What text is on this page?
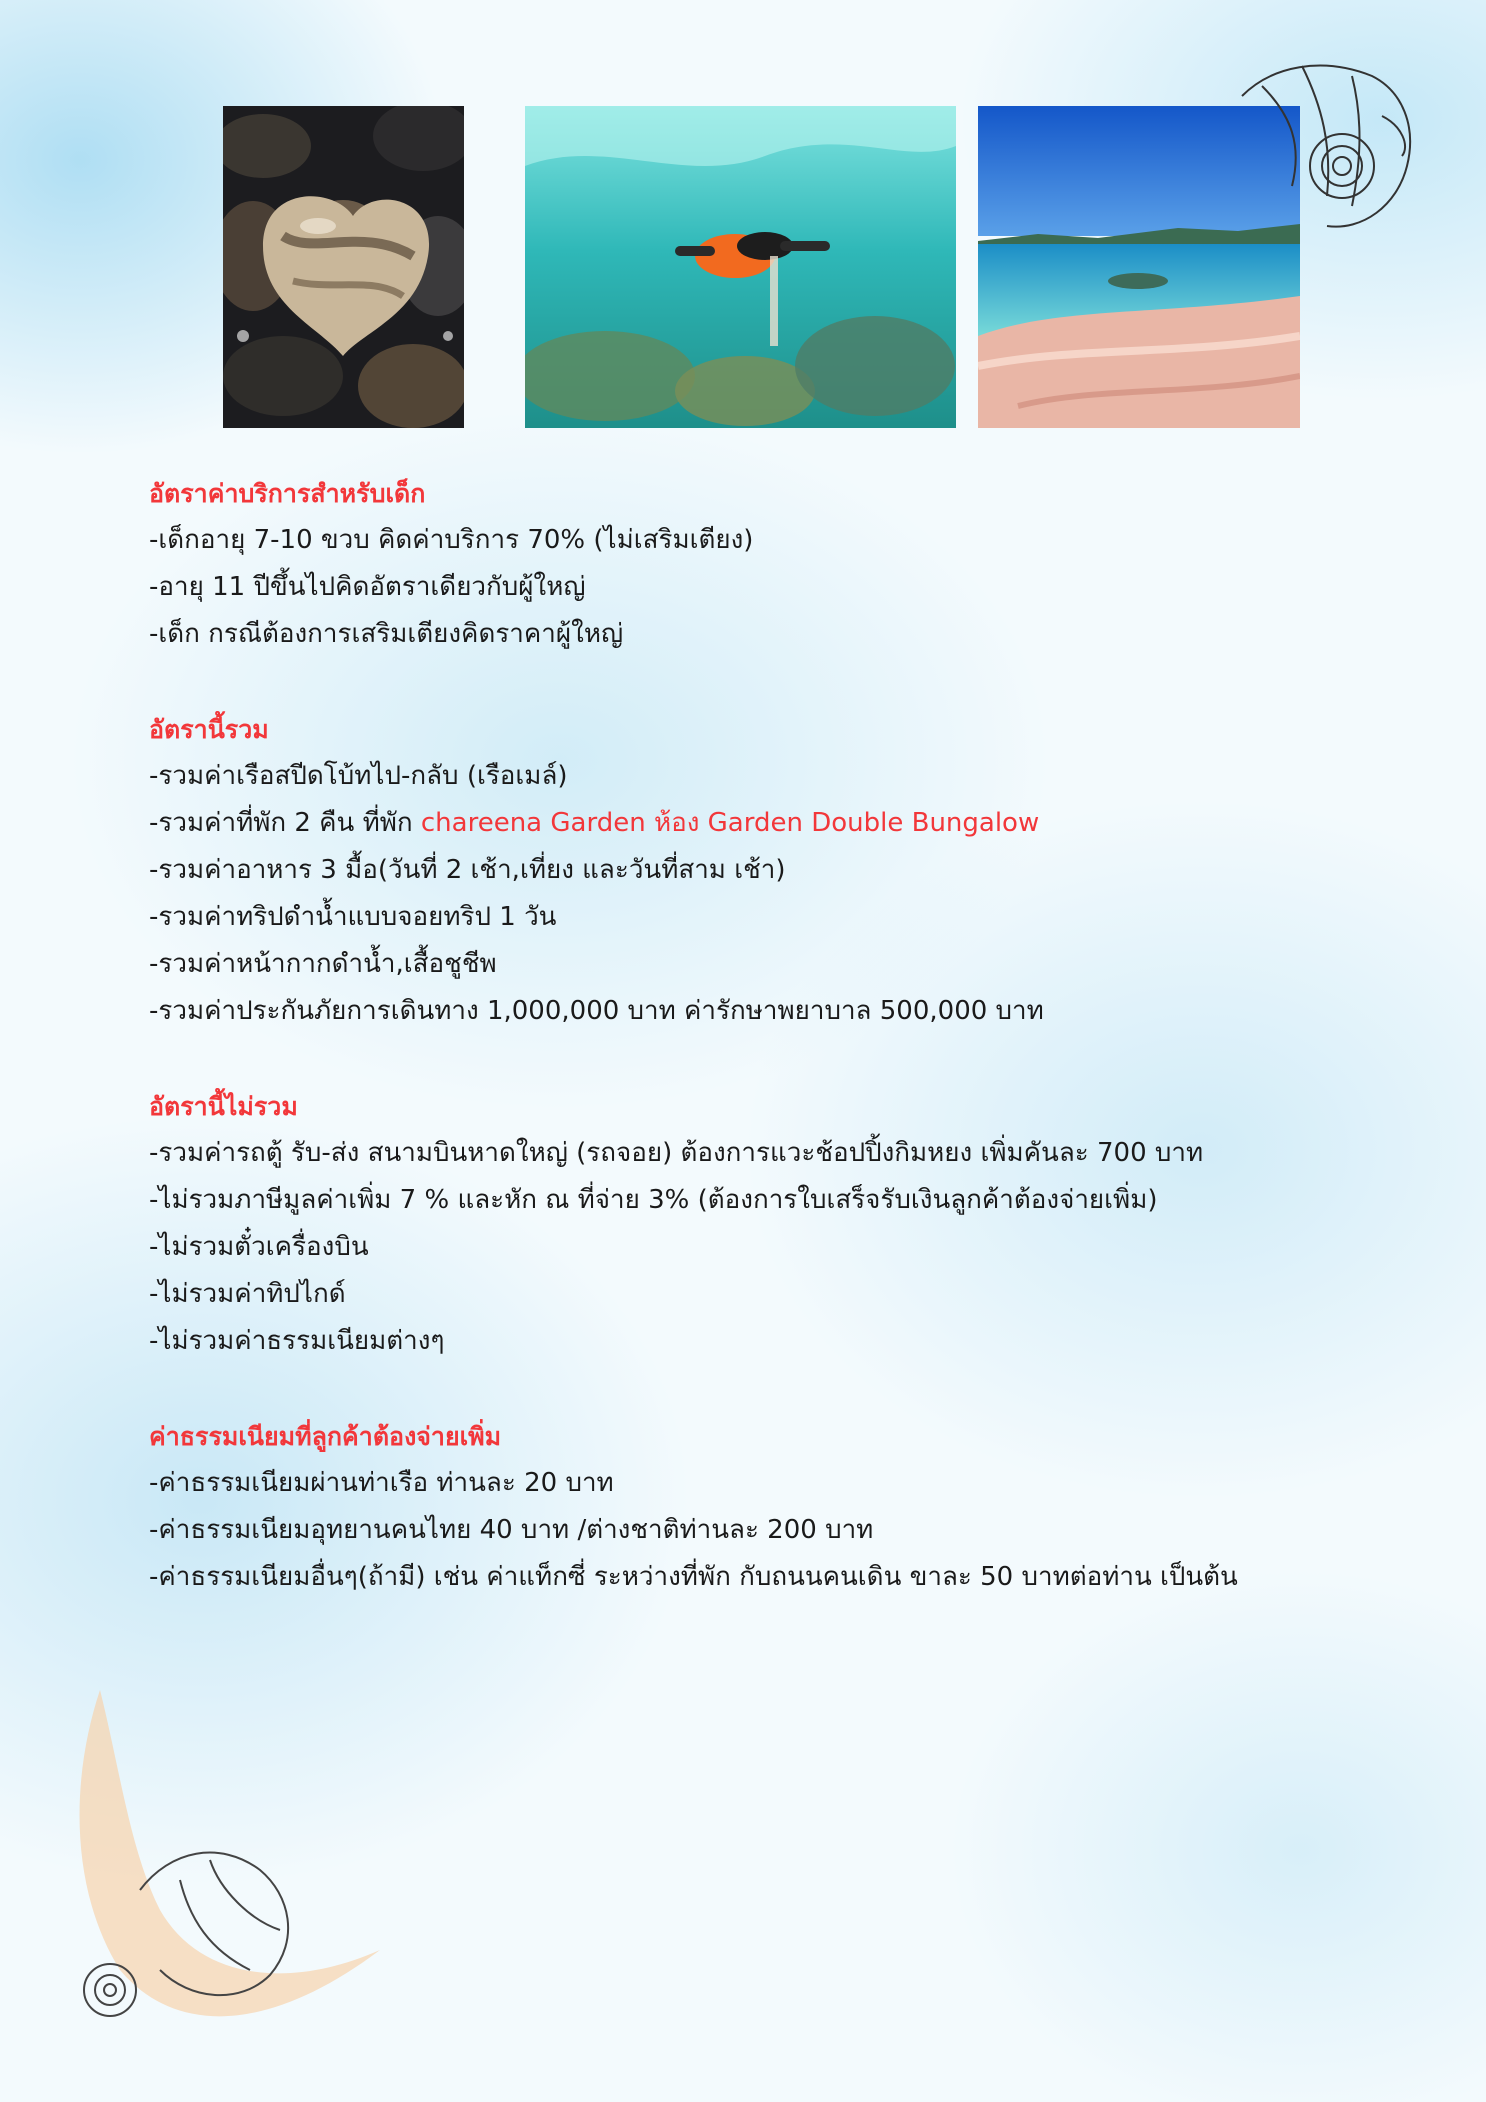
อัตราค่าบริการสำหรับเด็ก
-เด็กอายุ 7-10 ขวบ คิดค่าบริการ 70% (ไม่เสริมเตียง)
-อายุ 11 ปีขึ้นไปคิดอัตราเดียวกับผู้ใหญ่
-เด็ก กรณีต้องการเสริมเตียงคิดราคาผู้ใหญ่
อัตรานี้รวม
-รวมค่าเรือสปีดโบ้ทไป-กลับ (เรือเมล์)
-รวมค่าที่พัก 2 คืน ที่พัก chareena Garden ห้อง Garden Double Bungalow
-รวมค่าอาหาร 3 มื้อ(วันที่ 2 เช้า,เที่ยง และวันที่สาม เช้า)
-รวมค่าทริปดำน้ำแบบจอยทริป 1 วัน
-รวมค่าหน้ากากดำน้ำ,เสื้อชูชีพ
-รวมค่าประกันภัยการเดินทาง 1,000,000 บาท ค่ารักษาพยาบาล 500,000 บาท
อัตรานี้ไม่รวม
-รวมค่ารถตู้ รับ-ส่ง สนามบินหาดใหญ่ (รถจอย) ต้องการแวะช้อปปิ้งกิมหยง เพิ่มคันละ 700 บาท
-ไม่รวมภาษีมูลค่าเพิ่ม 7 % และหัก ณ ที่จ่าย 3% (ต้องการใบเสร็จรับเงินลูกค้าต้องจ่ายเพิ่ม)
-ไม่รวมตั๋วเครื่องบิน
-ไม่รวมค่าทิปไกด์
-ไม่รวมค่าธรรมเนียมต่างๆ
ค่าธรรมเนียมที่ลูกค้าต้องจ่ายเพิ่ม
-ค่าธรรมเนียมผ่านท่าเรือ ท่านละ 20 บาท
-ค่าธรรมเนียมอุทยานคนไทย 40 บาท /ต่างชาติท่านละ 200 บาท
-ค่าธรรมเนียมอื่นๆ(ถ้ามี) เช่น ค่าแท็กซี่ ระหว่างที่พัก กับถนนคนเดิน ขาละ 50 บาทต่อท่าน เป็นต้น
